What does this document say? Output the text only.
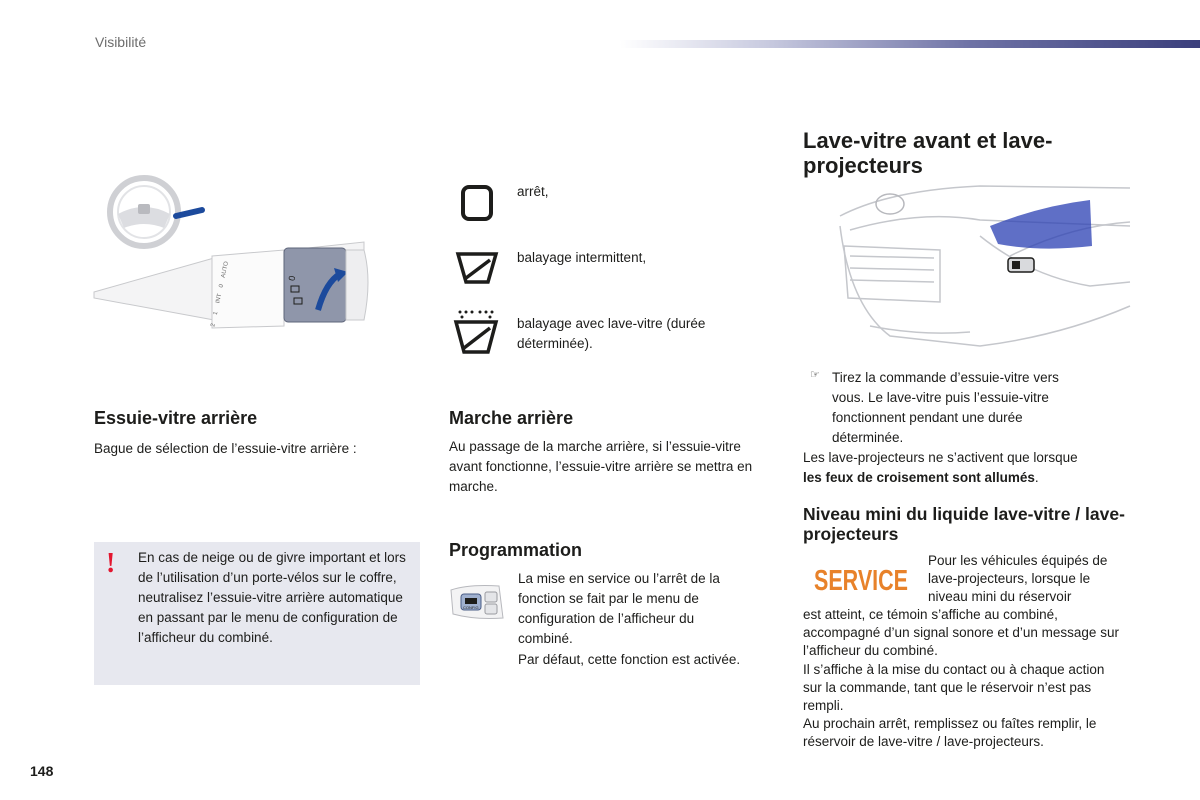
Visibilité
2
1
INT
0
AUTO	0
arrêt,
balayage intermittent,
balayage avec lave-vitre (durée déterminée).
Essuie-vitre arrière

Bague de sélection de l’essuie-vitre arrière :

! En cas de neige ou de givre important et lors de l’utilisation d’un porte-vélos sur le coffre, neutralisez l’essuie-vitre arrière automatique en passant par le menu de configuration de l’afficheur du combiné.
Marche arrière

Au passage de la marche arrière, si l’essuie-vitre avant fonctionne, l’essuie-vitre arrière se mettra en marche.

Programmation
CONFIG

La mise en service ou l’arrêt de la fonction se fait par le menu de configuration de l’afficheur du combiné.

Par défaut, cette fonction est activée.

Lave-vitre avant et lave-projecteurs
☞ Tirez la commande d’essuie-vitre vers vous. Le lave-vitre puis l’essuie-vitre fonctionnent pendant une durée déterminée.

Les lave-projecteurs ne s’activent que lorsque
les feux de croisement sont allumés.

Niveau mini du liquide lave-vitre / lave-projecteurs
SERVICE

Pour les véhicules équipés de lave-projecteurs, lorsque le niveau mini du réservoir

est atteint, ce témoin s’affiche au combiné, accompagné d’un signal sonore et d’un message sur l’afficheur du combiné.

Il s’affiche à la mise du contact ou à chaque action sur la commande, tant que le réservoir n’est pas rempli.

Au prochain arrêt, remplissez ou faîtes remplir, le réservoir de lave-vitre / lave-projecteurs.

148
